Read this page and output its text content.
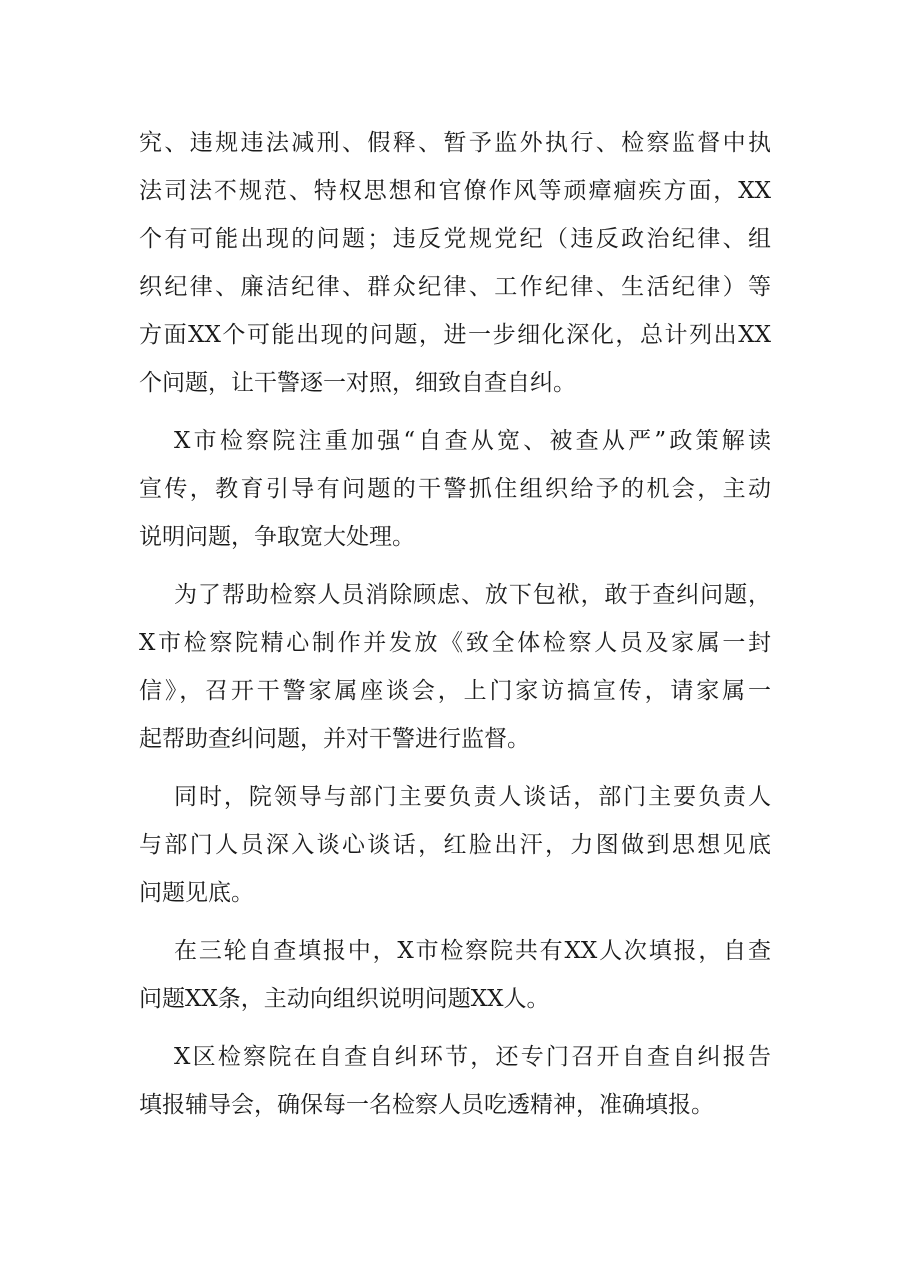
究、违规违法减刑、假释、暂予监外执行、检察监督中执
法司法不规范、特权思想和官僚作风等顽瘴痼疾方面，XX
个有可能出现的问题；违反党规党纪（违反政治纪律、组
织纪律、廉洁纪律、群众纪律、工作纪律、生活纪律）等
方面XX个可能出现的问题，进一步细化深化，总计列出XX
个问题，让干警逐一对照，细致自查自纠。
X市检察院注重加强“自查从宽、被查从严”政策解读
宣传，教育引导有问题的干警抓住组织给予的机会，主动
说明问题，争取宽大处理。
为了帮助检察人员消除顾虑、放下包袱，敢于查纠问题，
X市检察院精心制作并发放《致全体检察人员及家属一封
信》，召开干警家属座谈会，上门家访搞宣传，请家属一
起帮助查纠问题，并对干警进行监督。
同时，院领导与部门主要负责人谈话，部门主要负责人
与部门人员深入谈心谈话，红脸出汗，力图做到思想见底
问题见底。
在三轮自查填报中，X市检察院共有XX人次填报，自查
问题XX条，主动向组织说明问题XX人。
X区检察院在自查自纠环节，还专门召开自查自纠报告
填报辅导会，确保每一名检察人员吃透精神，准确填报。
